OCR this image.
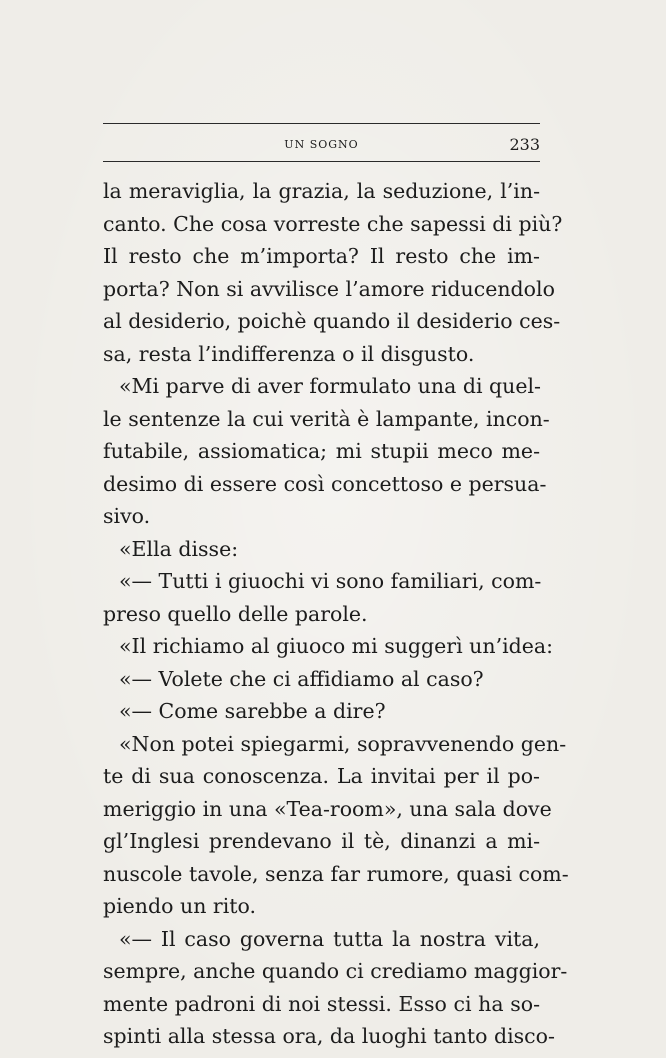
UN SOGNO	233
la meraviglia, la grazia, la seduzione, l’in-
canto. Che cosa vorreste che sapessi di più?
Il resto che m’importa? Il resto che im-
porta? Non si avvilisce l’amore riducendolo
al desiderio, poichè quando il desiderio ces-
sa, resta l’indifferenza o il disgusto.
«Mi parve di aver formulato una di quel-
le sentenze la cui verità è lampante, incon-
futabile, assiomatica; mi stupii meco me-
desimo di essere così concettoso e persua-
sivo.
«Ella disse:
«— Tutti i giuochi vi sono familiari, com-
preso quello delle parole.
«Il richiamo al giuoco mi suggerì un’idea:
«— Volete che ci affidiamo al caso?
«— Come sarebbe a dire?
«Non potei spiegarmi, sopravvenendo gen-
te di sua conoscenza. La invitai per il po-
meriggio in una «Tea-room», una sala dove
gl’Inglesi prendevano il tè, dinanzi a mi-
nuscole tavole, senza far rumore, quasi com-
piendo un rito.
«— Il caso governa tutta la nostra vita,
sempre, anche quando ci crediamo maggior-
mente padroni di noi stessi. Esso ci ha so-
spinti alla stessa ora, da luoghi tanto disco-
